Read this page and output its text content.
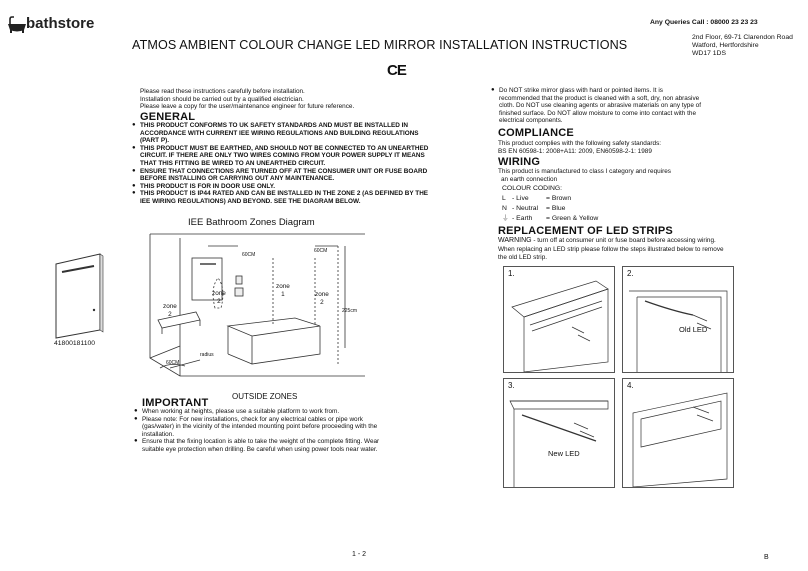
bathstore	Any Queries Call : 08000 23 23 23
ATMOS AMBIENT COLOUR CHANGE LED MIRROR INSTALLATION INSTRUCTIONS
2nd Floor, 69-71 Clarendon Road
Watford, Hertfordshire
WD17 1DS
CE
Please read these instructions carefully before installation.
Installation should be carried out by a qualified electrician.
Please leave a copy for the user/maintenance engineer for future reference.
GENERAL
● THIS PRODUCT CONFORMS TO UK SAFETY STANDARDS AND MUST BE INSTALLED IN ACCORDANCE WITH CURRENT IEE WIRING REGULATIONS AND BUILDING REGULATIONS (PART P).
● THIS PRODUCT MUST BE EARTHED, AND SHOULD NOT BE CONNECTED TO AN UNEARTHED CIRCUIT. IF THERE ARE ONLY TWO WIRES COMING FROM YOUR POWER SUPPLY IT MEANS THAT THIS FITTING BE WIRED TO AN UNEARTHED CIRCUIT.
● ENSURE THAT CONNECTIONS ARE TURNED OFF AT THE CONSUMER UNIT OR FUSE BOARD BEFORE INSTALLING OR CARRYING OUT ANY MAINTENANCE.
● THIS PRODUCT IS FOR IN DOOR USE ONLY.
● THIS PRODUCT IS IP44 RATED AND CAN BE INSTALLED IN THE ZONE 2 (AS DEFINED BY THE IEE WIRING REGULATIONS) AND BEYOND. SEE THE DIAGRAM BELOW.
41800181100
IEE Bathroom Zones Diagram
zone
1
zone
2
zone
2
zone
2
60CM
60CM
225cm
60CM
radius
OUTSIDE ZONES
IMPORTANT
● When working at heights, please use a suitable platform to work from.
● Please note: For new installations, check for any electrical cables or pipe work (gas/water) in the vicinity of the intended mounting point before proceeding with the installation.
● Ensure that the fixing location is able to take the weight of the complete fitting. Wear suitable eye protection when drilling. Be careful when using power tools near water.
● Do NOT strike mirror glass with hard or pointed items. It is recommended that the product is cleaned with a soft, dry, non abrasive cloth. Do NOT use cleaning agents or abrasive materials on any type of finished surface. Do NOT allow moisture to come into contact with the electrical components.
COMPLIANCE
This product complies with the following safety standards:
BS EN 60598-1: 2008+A11: 2009, EN60598-2-1: 1989
WIRING
This product is manufactured to class I category and requires
an earth connection
COLOUR CODING:
L - Live	= Brown
N - Neutral	= Blue
⏚ - Earth	= Green & Yellow
REPLACEMENT OF LED STRIPS
WARNING - turn off at consumer unit or fuse board before accessing wiring.
When replacing an LED strip please follow the steps illustrated below to remove
the old LED strip.
1.	2.
Old LED
3.
New LED
4.
1 - 2	B
